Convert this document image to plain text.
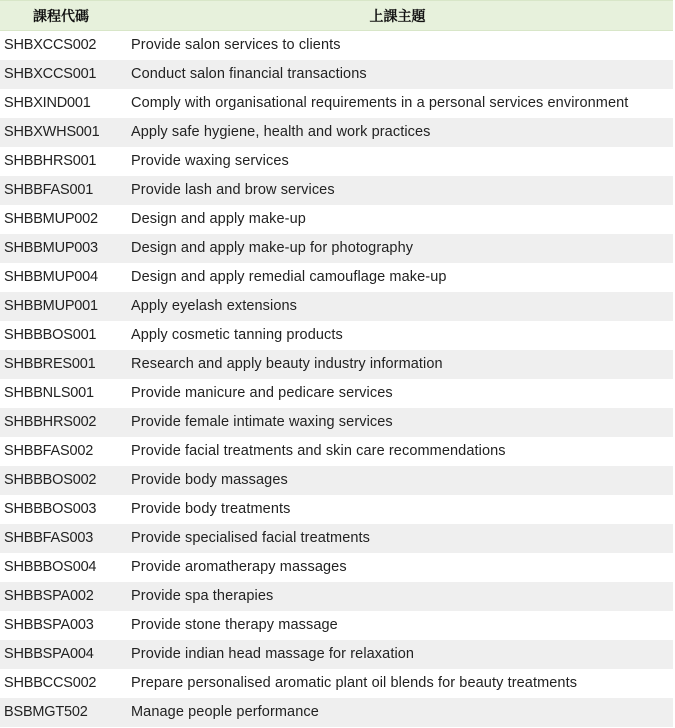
課程代碼	上課主題
SHBXCCS002	Provide salon services to clients
SHBXCCS001	Conduct salon financial transactions
SHBXIND001	Comply with organisational requirements in a personal services environment
SHBXWHS001	Apply safe hygiene, health and work practices
SHBBHRS001	Provide waxing services
SHBBFAS001	Provide lash and brow services
SHBBMUP002	Design and apply make-up
SHBBMUP003	Design and apply make-up for photography
SHBBMUP004	Design and apply remedial camouflage make-up
SHBBMUP001	Apply eyelash extensions
SHBBBOS001	Apply cosmetic tanning products
SHBBRES001	Research and apply beauty industry information
SHBBNLS001	Provide manicure and pedicare services
SHBBHRS002	Provide female intimate waxing services
SHBBFAS002	Provide facial treatments and skin care recommendations
SHBBBOS002	Provide body massages
SHBBBOS003	Provide body treatments
SHBBFAS003	Provide specialised facial treatments
SHBBBOS004	Provide aromatherapy massages
SHBBSPA002	Provide spa therapies
SHBBSPA003	Provide stone therapy massage
SHBBSPA004	Provide indian head massage for relaxation
SHBBCCS002	Prepare personalised aromatic plant oil blends for beauty treatments
BSBMGT502	Manage people performance
